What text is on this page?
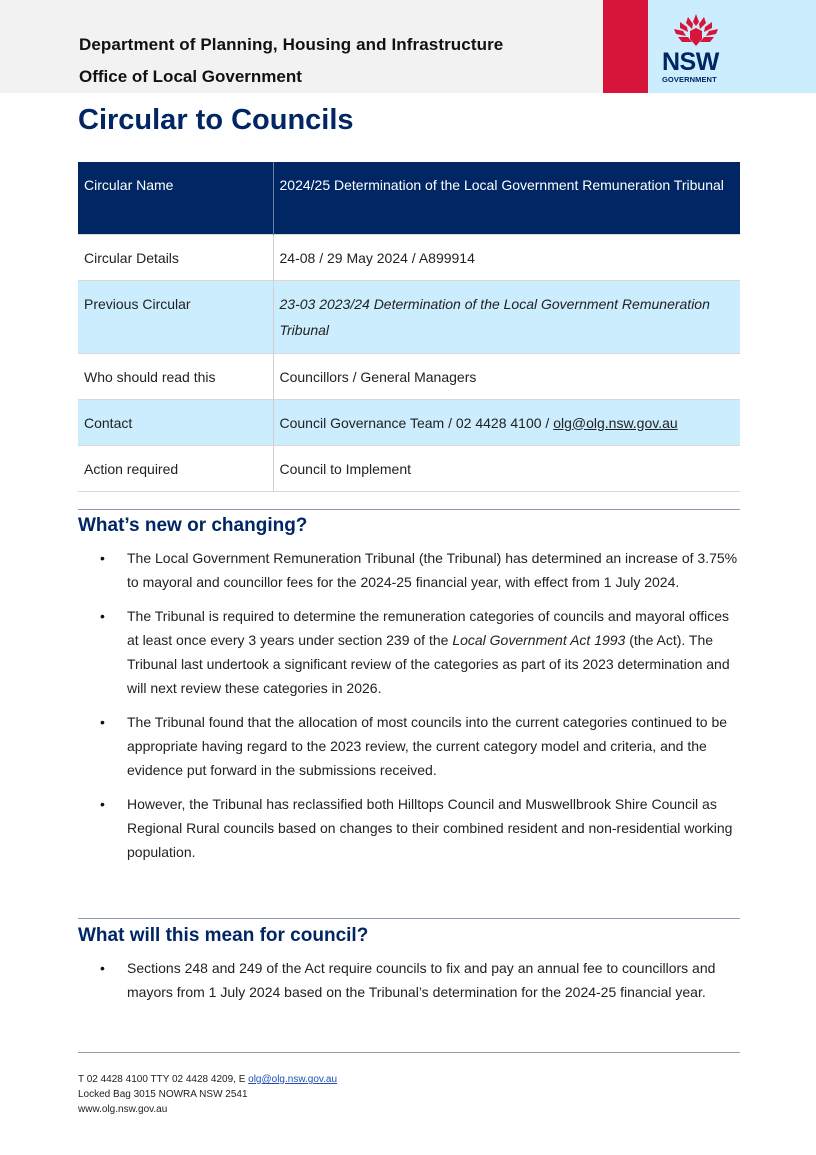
Department of Planning, Housing and Infrastructure
Office of Local Government
NSW
GOVERNMENT
Circular to Councils
Circular Name	2024/25 Determination of the Local Government Remuneration Tribunal
Circular Details	24-08 / 29 May 2024 / A899914
Previous Circular	23-03 2023/24 Determination of the Local Government Remuneration Tribunal
Who should read this	Councillors / General Managers
Contact	Council Governance Team / 02 4428 4100 / olg@olg.nsw.gov.au
Action required	Council to Implement
What’s new or changing?
• The Local Government Remuneration Tribunal (the Tribunal) has determined an increase of 3.75% to mayoral and councillor fees for the 2024-25 financial year, with effect from 1 July 2024.
• The Tribunal is required to determine the remuneration categories of councils and mayoral offices at least once every 3 years under section 239 of the Local Government Act 1993 (the Act). The Tribunal last undertook a significant review of the categories as part of its 2023 determination and will next review these categories in 2026.
• The Tribunal found that the allocation of most councils into the current categories continued to be appropriate having regard to the 2023 review, the current category model and criteria, and the evidence put forward in the submissions received.
• However, the Tribunal has reclassified both Hilltops Council and Muswellbrook Shire Council as Regional Rural councils based on changes to their combined resident and non-residential working population.
What will this mean for council?
• Sections 248 and 249 of the Act require councils to fix and pay an annual fee to councillors and mayors from 1 July 2024 based on the Tribunal’s determination for the 2024-25 financial year.
T 02 4428 4100 TTY 02 4428 4209, E olg@olg.nsw.gov.au
Locked Bag 3015 NOWRA NSW 2541
www.olg.nsw.gov.au
